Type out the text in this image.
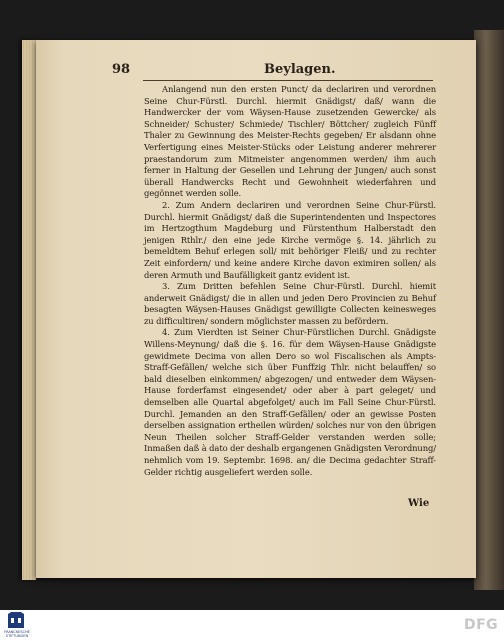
98	Beylagen.

Anlangend nun den ersten Punct/ da declariren und verordnen Seine Chur-Fürstl. Durchl. hiermit Gnädigst/ daß/ wann die Handwercker der vom Wäysen-Hause zusetzenden Gewercke/ als Schneider/ Schuster/ Schmiede/ Tischler/ Böttcher/ zugleich Fünff Thaler zu Gewinnung des Meister-Rechts gegeben/ Er alsdann ohne Verfertigung eines Meister-Stücks oder Leistung anderer mehrerer praestandorum zum Mitmeister angenommen werden/ ihm auch ferner in Haltung der Gesellen und Lehrung der Jungen/ auch sonst überall Handwercks Recht und Gewohnheit wiederfahren und gegönnet werden solle.

2. Zum Andern declariren und verordnen Seine Chur-Fürstl. Durchl. hiermit Gnädigst/ daß die Superintendenten und Inspectores im Hertzogthum Magdeburg und Fürstenthum Halberstadt den jenigen Rthlr./ den eine jede Kirche vermöge §. 14. jährlich zu bemeldtem Behuf erlegen soll/ mit behöriger Fleiß/ und zu rechter Zeit einfordern/ und keine andere Kirche davon eximiren sollen/ als deren Armuth und Baufälligkeit gantz evident ist.

3. Zum Dritten befehlen Seine Chur-Fürstl. Durchl. hiemit anderweit Gnädigst/ die in allen und jeden Dero Provincien zu Behuf besagten Wäysen-Hauses Gnädigst gewilligte Collecten keinesweges zu difficultiren/ sondern möglichster massen zu befördern.

4. Zum Vierdten ist Seiner Chur-Fürstlichen Durchl. Gnädigste Willens-Meynung/ daß die §. 16. für dem Wäysen-Hause Gnädigste gewidmete Decima von allen Dero so wol Fiscalischen als Ampts-Straff-Gefällen/ welche sich über Funffzig Thlr. nicht belauffen/ so bald dieselben einkommen/ abgezogen/ und entweder dem Wäysen-Hause forderfamst eingesendet/ oder aber à part geleget/ und demselben alle Quartal abgefolget/ auch im Fall Seine Chur-Fürstl. Durchl. Jemanden an den Straff-Gefällen/ oder an gewisse Posten derselben assignation ertheilen würden/ solches nur von den übrigen Neun Theilen solcher Straff-Gelder verstanden werden solle; Inmaßen daß à dato der deshalb ergangenen Gnädigsten Verordnung/ nehmlich vom 19. Septembr. 1698. an/ die Decima gedachter Straff-Gelder richtig ausgeliefert werden solle.

Wie
FRANCKESCHE STIFTUNGEN
DFG
